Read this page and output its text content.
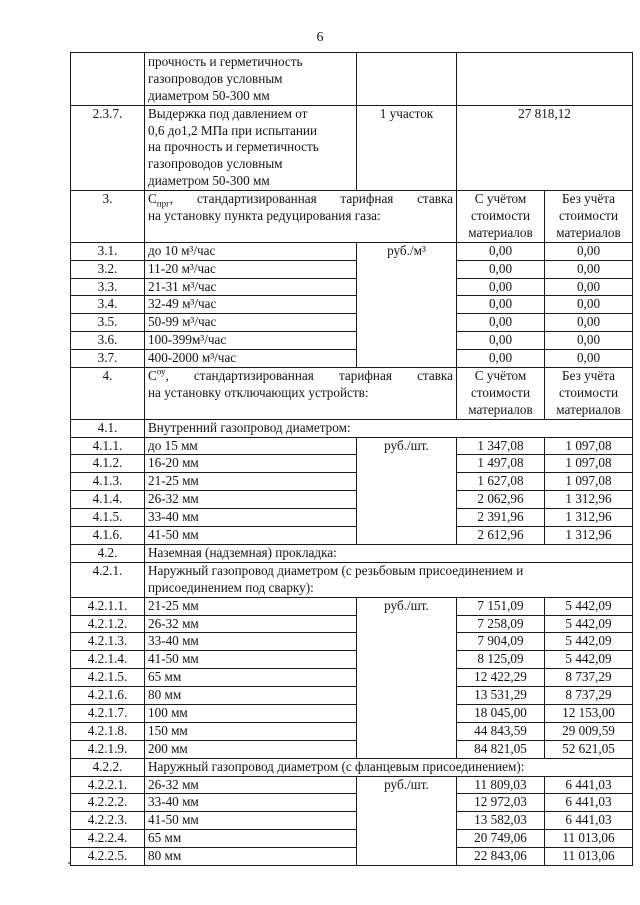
6

	прочность и герметичность
газопроводов условным
диаметром 50-300 мм			

2.3.7.	Выдержка под давлением от
0,6 до1,2 МПа при испытании
на прочность и герметичность
газопроводов условным
диаметром 50-300 мм	1 участок	27 818,12	
3.	$С_{прг}$, стандартизированная тарифная ставка
на установку пункта редуцирования газа:		С учётом стоимости материалов	Без учёта стоимости материалов
3.1.	до 10 м³/час	руб./м³	0,00	0,00
3.2.	11-20 м³/час		0,00	0,00
3.3.	21-31 м³/час		0,00	0,00
3.4.	32-49 м³/час		0,00	0,00
3.5.	50-99 м³/час		0,00	0,00
3.6.	100-399м³/час		0,00	0,00
3.7.	400-2000 м³/час		0,00	0,00
4.	$С^{оу}$, стандартизированная тарифная ставка
на установку отключающих устройств:		С учётом стоимости материалов	Без учёта стоимости материалов
4.1.	Внутренний газопровод диаметром:			
4.1.1.	до 15 мм	руб./шт.	1 347,08	1 097,08
4.1.2.	16-20 мм		1 497,08	1 097,08
4.1.3.	21-25 мм		1 627,08	1 097,08
4.1.4.	26-32 мм		2 062,96	1 312,96
4.1.5.	33-40 мм		2 391,96	1 312,96
4.1.6.	41-50 мм		2 612,96	1 312,96
4.2.	Наземная (надземная) прокладка:			
4.2.1.	Наружный газопровод диаметром (с резьбовым присоединением и
присоединением под сварку):			

4.2.1.1.	21-25 мм	руб./шт.	7 151,09	5 442,09
4.2.1.2.	26-32 мм		7 258,09	5 442,09
4.2.1.3.	33-40 мм		7 904,09	5 442,09
4.2.1.4.	41-50 мм		8 125,09	5 442,09
4.2.1.5.	65 мм		12 422,29	8 737,29
4.2.1.6.	80 мм		13 531,29	8 737,29
4.2.1.7.	100 мм		18 045,00	12 153,00
4.2.1.8.	150 мм		44 843,59	29 009,59
4.2.1.9.	200 мм		84 821,05	52 621,05
4.2.2.	Наружный газопровод диаметром (с фланцевым присоединением):			
4.2.2.1.	26-32 мм	руб./шт.	11 809,03	6 441,03
4.2.2.2.	33-40 мм		12 972,03	6 441,03
4.2.2.3.	41-50 мм		13 582,03	6 441,03
4.2.2.4.	65 мм		20 749,06	11 013,06
4.2.2.5.	80 мм		22 843,06	11 013,06
